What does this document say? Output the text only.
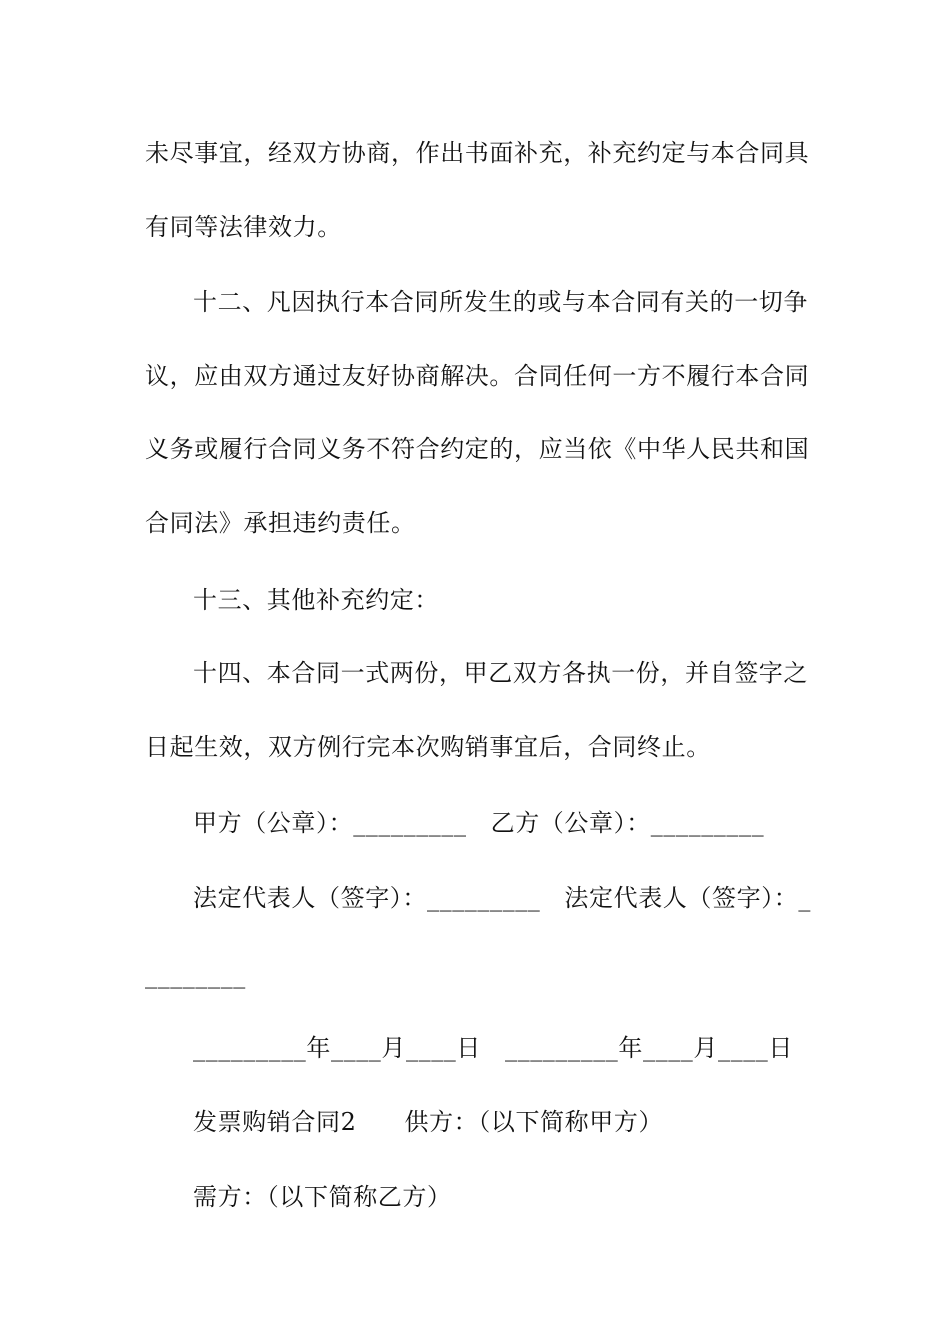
未尽事宜，经双方协商，作出书面补充，补充约定与本合同具
有同等法律效力。
十二、凡因执行本合同所发生的或与本合同有关的一切争
议，应由双方通过友好协商解决。合同任何一方不履行本合同
义务或履行合同义务不符合约定的，应当依《中华人民共和国
合同法》承担违约责任。
十三、其他补充约定：
十四、本合同一式两份，甲乙双方各执一份，并自签字之
日起生效，双方例行完本次购销事宜后，合同终止。
甲方（公章）：_________ 乙方（公章）：_________
法定代表人（签字）：_________ 法定代表人（签字）：_
________
_________年____月____日 _________年____月____日
发票购销合同2 供方：（以下简称甲方）
需方：（以下简称乙方）
